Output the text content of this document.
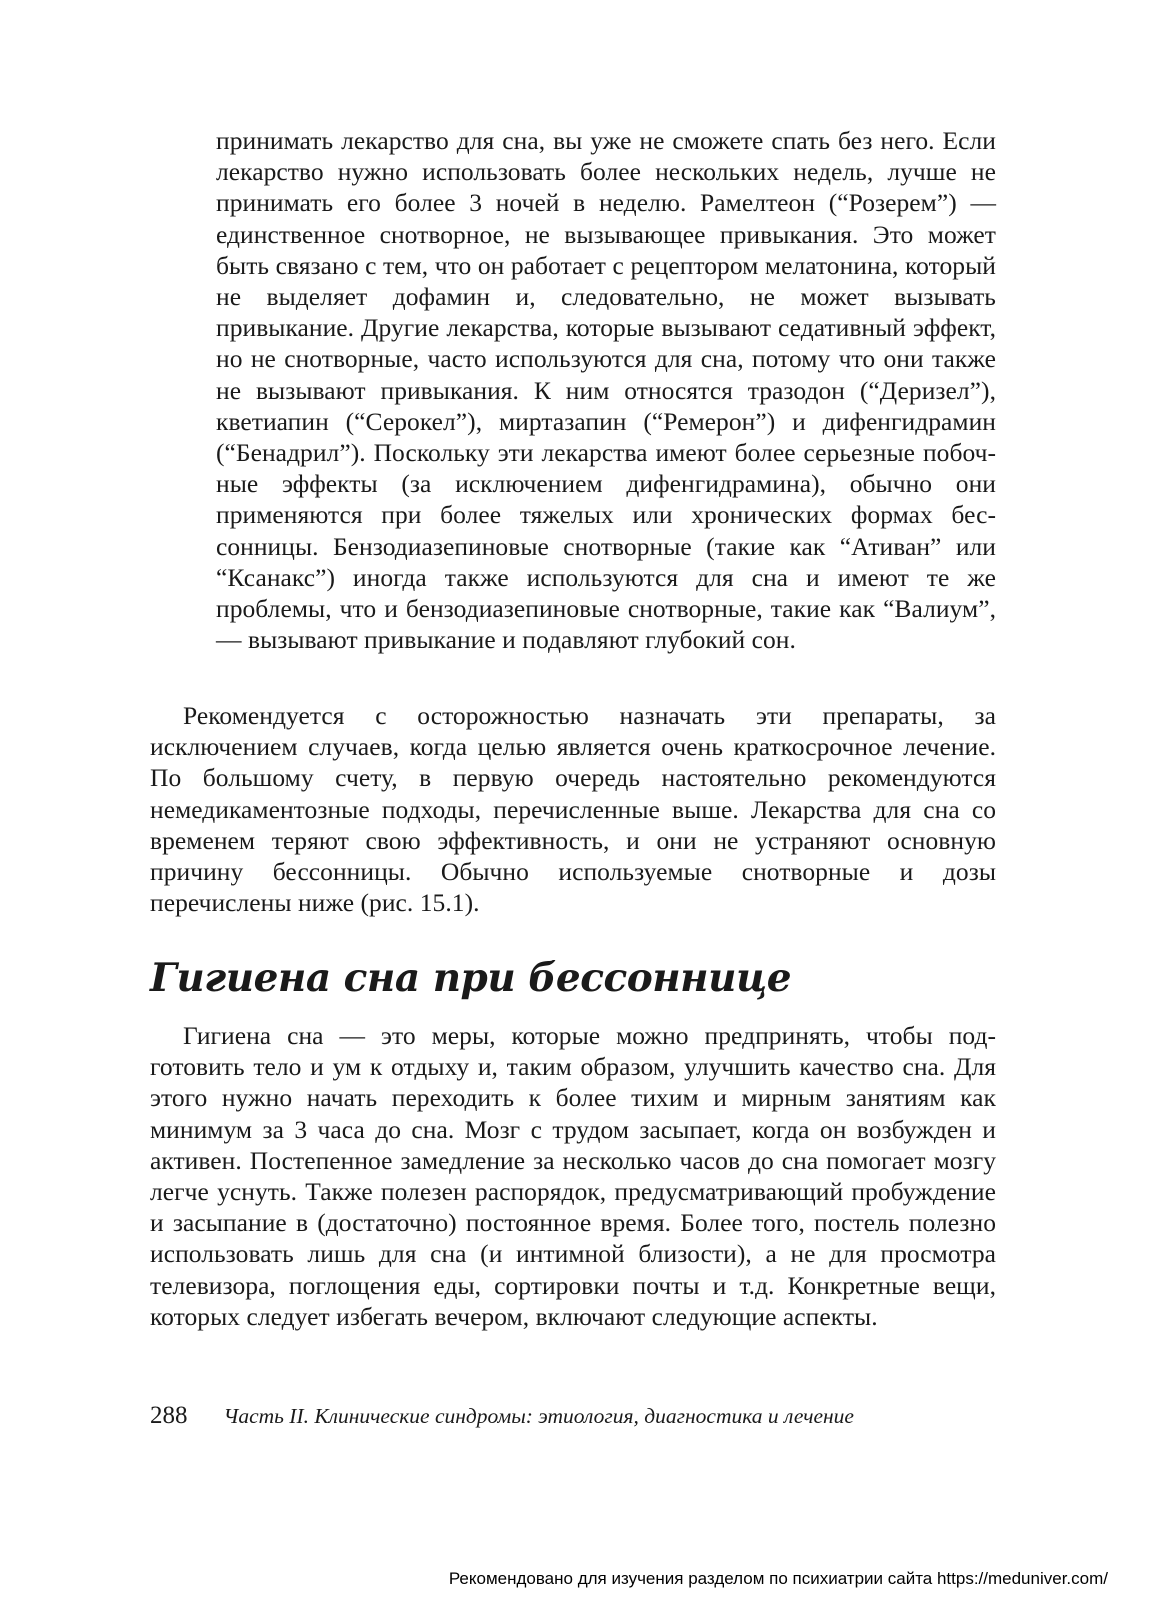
принимать лекарство для сна, вы уже не сможете спать без него. Если лекарство нужно использовать более нескольких недель, лучше не принимать его более 3 ночей в неделю. Рамелтеон (“Розерем”) — единственное снотворное, не вызывающее привыкания. Это может быть связано с тем, что он работает с рецептором мелатонина, который не выделяет дофамин и, следовательно, не может вызывать привыкание. Другие лекарства, которые вызывают седативный эффект, но не снотворные, часто используются для сна, потому что они также не вызывают привыкания. К ним относятся тразодон (“Деризел”), кветиапин (“Серокел”), миртазапин (“Ремерон”) и дифенгидрамин (“Бенадрил”). Поскольку эти лекарства имеют более серьезные побочные эффекты (за исключением дифенгидрамина), обычно они применяются при более тяжелых или хронических формах бессонницы. Бензодиазепиновые снотворные (такие как “Ативан” или “Ксанакс”) иногда также используются для сна и имеют те же проблемы, что и бензодиазепиновые снотворные, такие как “Валиум”, — вызывают привыкание и подавляют глубокий сон.

Рекомендуется с осторожностью назначать эти препараты, за исключением случаев, когда целью является очень краткосрочное лечение. По большому счету, в первую очередь настоятельно рекомендуются немедикаментозные подходы, перечисленные выше. Лекарства для сна со временем теряют свою эффективность, и они не устраняют основную причину бессонницы. Обычно используемые снотворные и дозы перечислены ниже (рис. 15.1).

Гигиена сна при бессоннице

Гигиена сна — это меры, которые можно предпринять, чтобы подготовить тело и ум к отдыху и, таким образом, улучшить качество сна. Для этого нужно начать переходить к более тихим и мирным занятиям как минимум за 3 часа до сна. Мозг с трудом засыпает, когда он возбужден и активен. Постепенное замедление за несколько часов до сна помогает мозгу легче уснуть. Также полезен распорядок, предусматривающий пробуждение и засыпание в (достаточно) постоянное время. Более того, постель полезно использовать лишь для сна (и интимной близости), а не для просмотра телевизора, поглощения еды, сортировки почты и т.д. Конкретные вещи, которых следует избегать вечером, включают следующие аспекты.

288 Часть II. Клинические синдромы: этиология, диагностика и лечение

Рекомендовано для изучения разделом по психиатрии сайта https://meduniver.com/
